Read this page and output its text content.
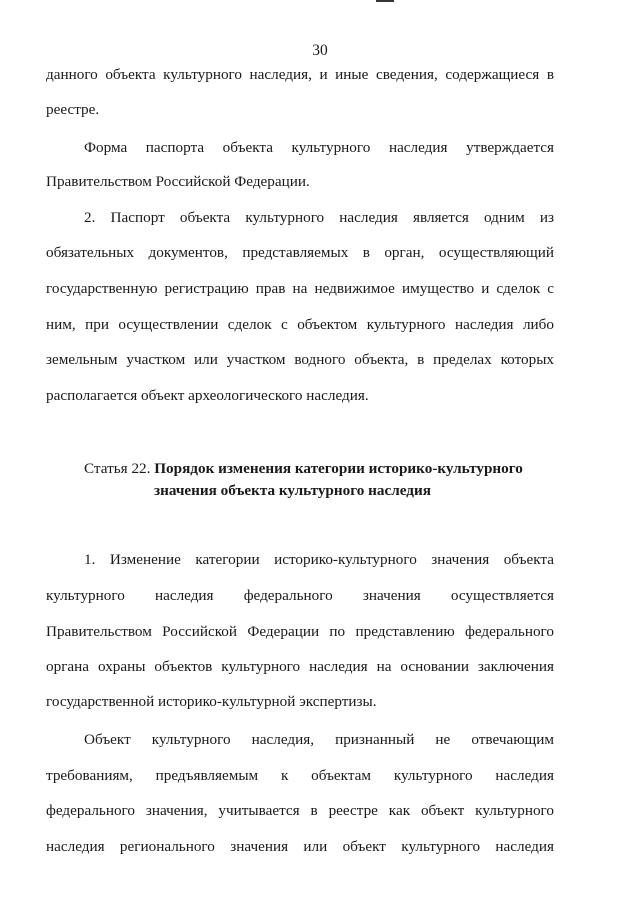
30
данного объекта культурного наследия, и иные сведения, содержащиеся в
реестре.
Форма паспорта объекта культурного наследия утверждается
Правительством Российской Федерации.
2. Паспорт объекта культурного наследия является одним из
обязательных документов, представляемых в орган, осуществляющий
государственную регистрацию прав на недвижимое имущество и сделок с
ним, при осуществлении сделок с объектом культурного наследия либо
земельным участком или участком водного объекта, в пределах которых
располагается объект археологического наследия.
Статья 22. Порядок изменения категории историко-культурного
значения объекта культурного наследия
1. Изменение категории историко-культурного значения объекта
культурного наследия федерального значения осуществляется
Правительством Российской Федерации по представлению федерального
органа охраны объектов культурного наследия на основании заключения
государственной историко-культурной экспертизы.
Объект культурного наследия, признанный не отвечающим
требованиям, предъявляемым к объектам культурного наследия
федерального значения, учитывается в реестре как объект культурного
наследия регионального значения или объект культурного наследия
